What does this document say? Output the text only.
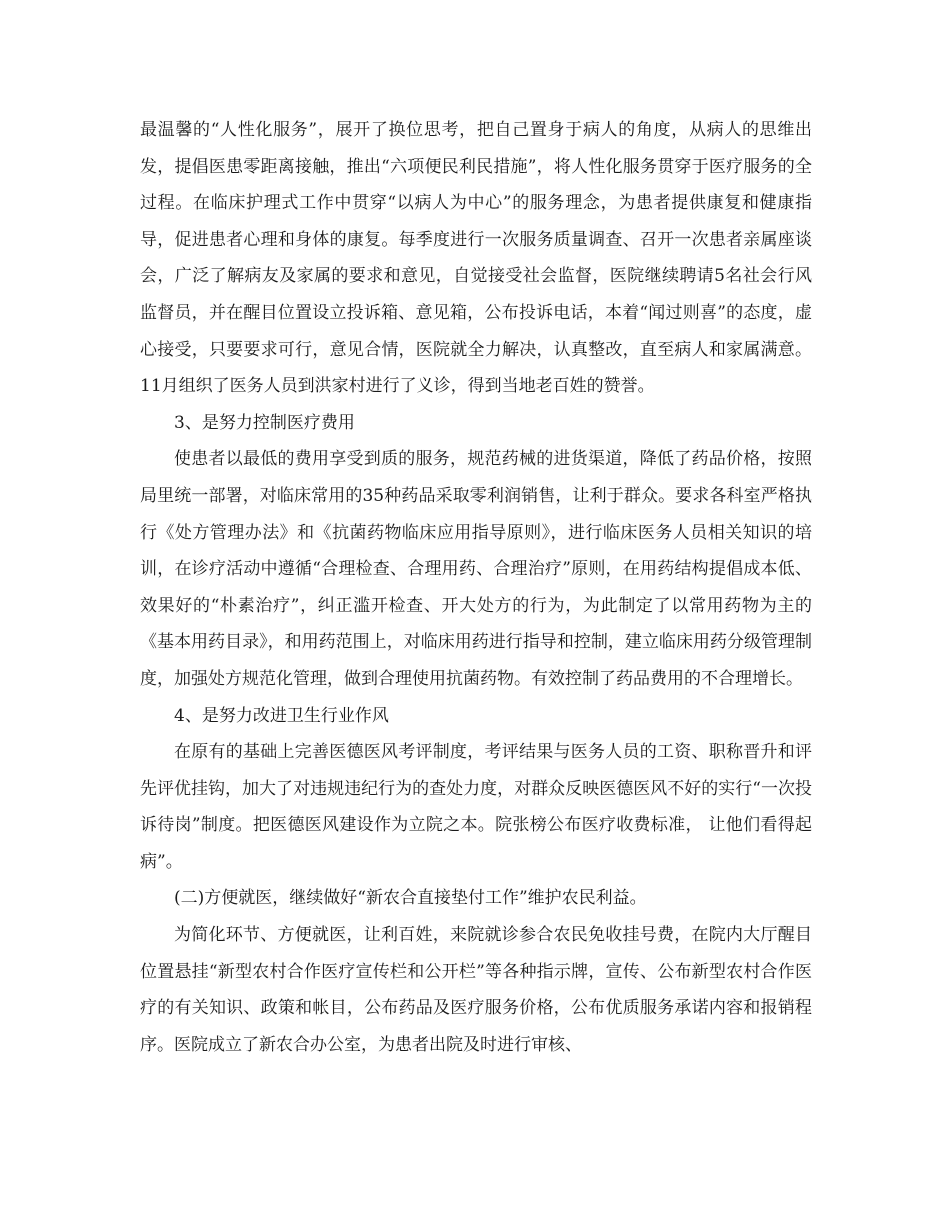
最温馨的“人性化服务”，展开了换位思考，把自己置身于病人的角度，从病人的思维出发，提倡医患零距离接触，推出“六项便民利民措施”，将人性化服务贯穿于医疗服务的全过程。在临床护理式工作中贯穿“以病人为中心”的服务理念，为患者提供康复和健康指导，促进患者心理和身体的康复。每季度进行一次服务质量调查、召开一次患者亲属座谈会，广泛了解病友及家属的要求和意见，自觉接受社会监督，医院继续聘请5名社会行风监督员，并在醒目位置设立投诉箱、意见箱，公布投诉电话，本着“闻过则喜”的态度，虚心接受，只要要求可行，意见合情，医院就全力解决，认真整改，直至病人和家属满意。11月组织了医务人员到洪家村进行了义诊，得到当地老百姓的赞誉。

3、是努力控制医疗费用

使患者以最低的费用享受到质的服务，规范药械的进货渠道，降低了药品价格，按照局里统一部署，对临床常用的35种药品采取零利润销售，让利于群众。要求各科室严格执行《处方管理办法》和《抗菌药物临床应用指导原则》，进行临床医务人员相关知识的培训，在诊疗活动中遵循“合理检查、合理用药、合理治疗”原则，在用药结构提倡成本低、效果好的“朴素治疗”，纠正滥开检查、开大处方的行为，为此制定了以常用药物为主的《基本用药目录》，和用药范围上，对临床用药进行指导和控制，建立临床用药分级管理制度，加强处方规范化管理，做到合理使用抗菌药物。有效控制了药品费用的不合理增长。

4、是努力改进卫生行业作风

在原有的基础上完善医德医风考评制度，考评结果与医务人员的工资、职称晋升和评先评优挂钩，加大了对违规违纪行为的查处力度，对群众反映医德医风不好的实行“一次投诉待岗”制度。把医德医风建设作为立院之本。院张榜公布医疗收费标准， 让他们看得起病”。

(二)方便就医，继续做好“新农合直接垫付工作”维护农民利益。

为简化环节、方便就医，让利百姓，来院就诊参合农民免收挂号费，在院内大厅醒目位置悬挂“新型农村合作医疗宣传栏和公开栏”等各种指示牌，宣传、公布新型农村合作医疗的有关知识、政策和帐目，公布药品及医疗服务价格，公布优质服务承诺内容和报销程序。医院成立了新农合办公室，为患者出院及时进行审核、
